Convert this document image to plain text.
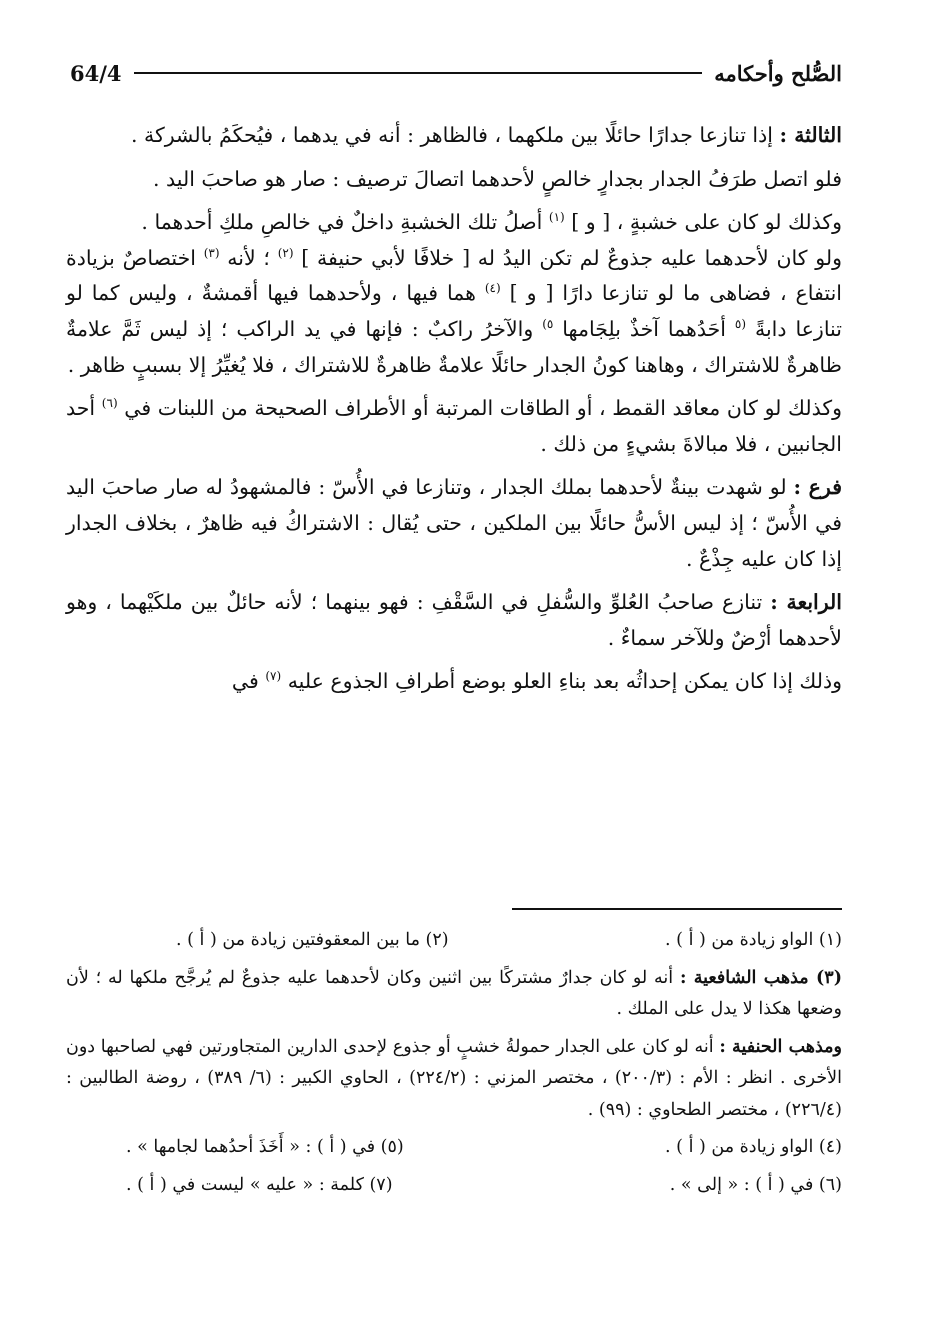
64/4	الصُّلح وأحكامه

الثالثة : إذا تنازعا جدارًا حائلًا بين ملكهما ، فالظاهر : أنه في يدهما ، فيُحكَمُ بالشركة .

فلو اتصل طرَفُ الجدار بجدارٍ خالصٍ لأحدهما اتصالَ ترصيف : صار هو صاحبَ اليد .

وكذلك لو كان على خشبةٍ ، [ و ] $^{(١)}$ أصلُ تلك الخشبةِ داخلٌ في خالصِ ملكِ أحدهما .
ولو كان لأحدهما عليه جذوعٌ لم تكن اليدُ له [ خلافًا لأبي حنيفة ] $^{(٢)}$ ؛ لأنه $^{(٣)}$ اختصاصٌ بزيادة انتفاع ، فضاهى ما لو تنازعا دارًا [ و ] $^{(٤)}$ هما فيها ، ولأحدهما فيها أقمشةٌ ، وليس كما لو تنازعا دابةً $^{(٥}$ أحَدُهما آخذٌ بلِجَامها $^{٥)}$ والآخرُ راكبٌ : فإنها في يد الراكب ؛ إذ ليس ثَمَّ علامةٌ ظاهرةٌ للاشتراك ، وهاهنا كونُ الجدار حائلًا علامةٌ ظاهرةٌ للاشتراك ، فلا يُغيِّرُ إلا بسببٍ ظاهر .

وكذلك لو كان معاقد القمط ، أو الطاقات المرتبة أو الأطراف الصحيحة من اللبنات في $^{(٦)}$ أحد الجانبين ، فلا مبالاةَ بشيءٍ من ذلك .

فرع : لو شهدت بينةٌ لأحدهما بملك الجدار ، وتنازعا في الأُسّ : فالمشهودُ له صار صاحبَ اليد في الأُسّ ؛ إذ ليس الأسُّ حائلًا بين الملكين ، حتى يُقال : الاشتراكُ فيه ظاهرٌ ، بخلاف الجدار إذا كان عليه جِذْعٌ .

الرابعة : تنازع صاحبُ العُلوِّ والسُّفلِ في السَّقْفِ : فهو بينهما ؛ لأنه حائلٌ بين ملكَيْهما ، وهو لأحدهما أرْضٌ وللآخر سماءٌ .

وذلك إذا كان يمكن إحداثُه بعد بناءِ العلو بوضع أطرافِ الجذوع عليه $^{(٧)}$ في

(١) الواو زيادة من ( أ ) .
(٢) ما بين المعقوفتين زيادة من ( أ ) .

(٣) مذهب الشافعية : أنه لو كان جدارٌ مشتركًا بين اثنين وكان لأحدهما عليه جذوعٌ لم يُرجَّح ملكها له ؛ لأن وضعها هكذا لا يدل على الملك .

ومذهب الحنفية : أنه لو كان على الجدار حمولةُ خشبٍ أو جذوع لإحدى الدارين المتجاورتين فهي لصاحبها دون الأخرى . انظر : الأم : (٢٠٠/٣) ، مختصر المزني : (٢٢٤/٢) ، الحاوي الكبير : (٦/ ٣٨٩) ، روضة الطالبين : (٢٢٦/٤) ، مختصر الطحاوي : (٩٩) .

(٤) الواو زيادة من ( أ ) .
(٥) في ( أ ) : « أَخَذَ أحدُهما لجامها » .
(٦) في ( أ ) : « إلى » .
(٧) كلمة : « عليه » ليست في ( أ ) .
